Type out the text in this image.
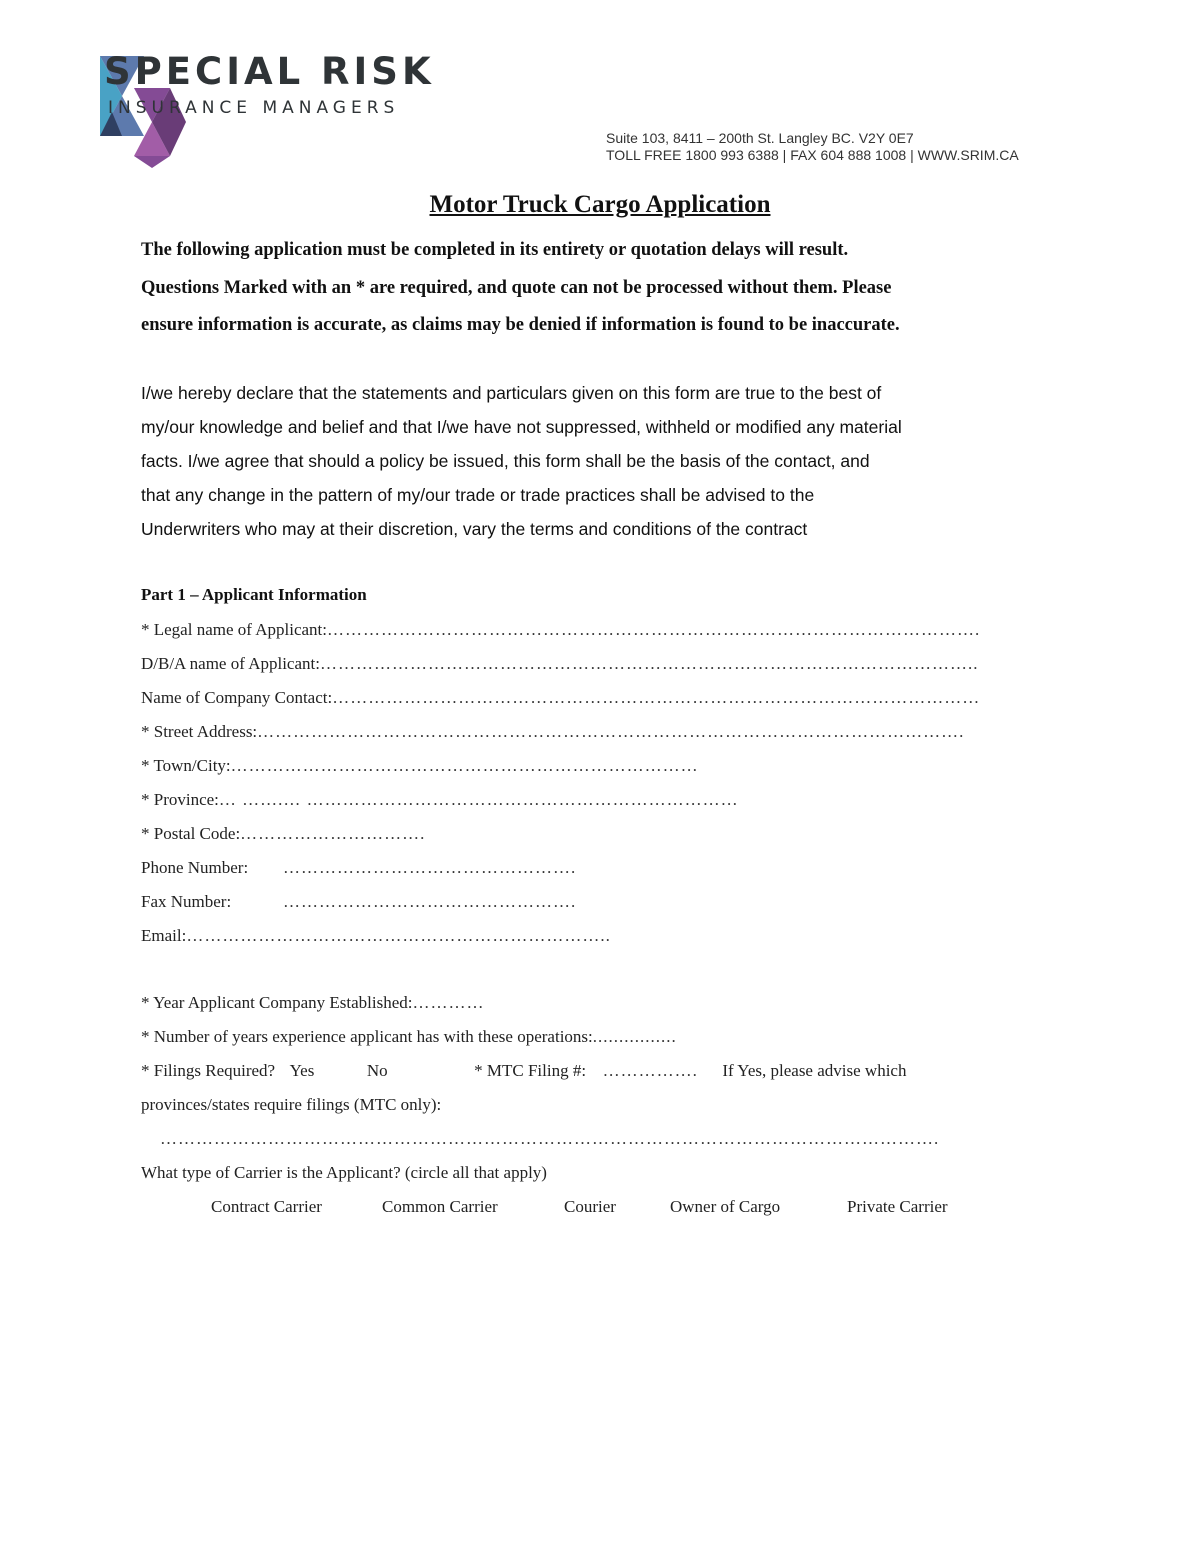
SPECIAL RISK
INSURANCE MANAGERS
Suite 103, 8411 – 200th St. Langley BC. V2Y 0E7
TOLL FREE 1800 993 6388 | FAX 604 888 1008 | WWW.SRIM.CA
Motor Truck Cargo Application
The following application must be completed in its entirety or quotation delays will result.
Questions Marked with an * are required, and quote can not be processed without them. Please
ensure information is accurate, as claims may be denied if information is found to be inaccurate.
I/we hereby declare that the statements and particulars given on this form are true to the best of
my/our knowledge and belief and that I/we have not suppressed, withheld or modified any material
facts. I/we agree that should a policy be issued, this form shall be the basis of the contact, and
that any change in the pattern of my/our trade or trade practices shall be advised to the
Underwriters who may at their discretion, vary the terms and conditions of the contract
Part 1 – Applicant Information
* Legal name of Applicant:……………………………………………………………………………………………….
D/B/A name of Applicant:………………………………………………………………………………………………..
Name of Company Contact:………………………………………………………………………………………………
* Street Address:……………………………………………………………………………………………………….
* Town/City:……………………………………………………………………
* Province:… …….… ………………………………………………………………
* Postal Code:………………………….
Phone Number: ………………………………………….
Fax Number:	………………………………………….
Email:……………………………………………………………..
* Year Applicant Company Established:…………
* Number of years experience applicant has with these operations:................
* Filings Required? Yes	No	* MTC Filing #: ……………. If Yes, please advise which
provinces/states require filings (MTC only):
………………………………………………………………………………………………………………….
What type of Carrier is the Applicant? (circle all that apply)
Contract Carrier	Common Carrier	Courier	Owner of Cargo	Private Carrier
